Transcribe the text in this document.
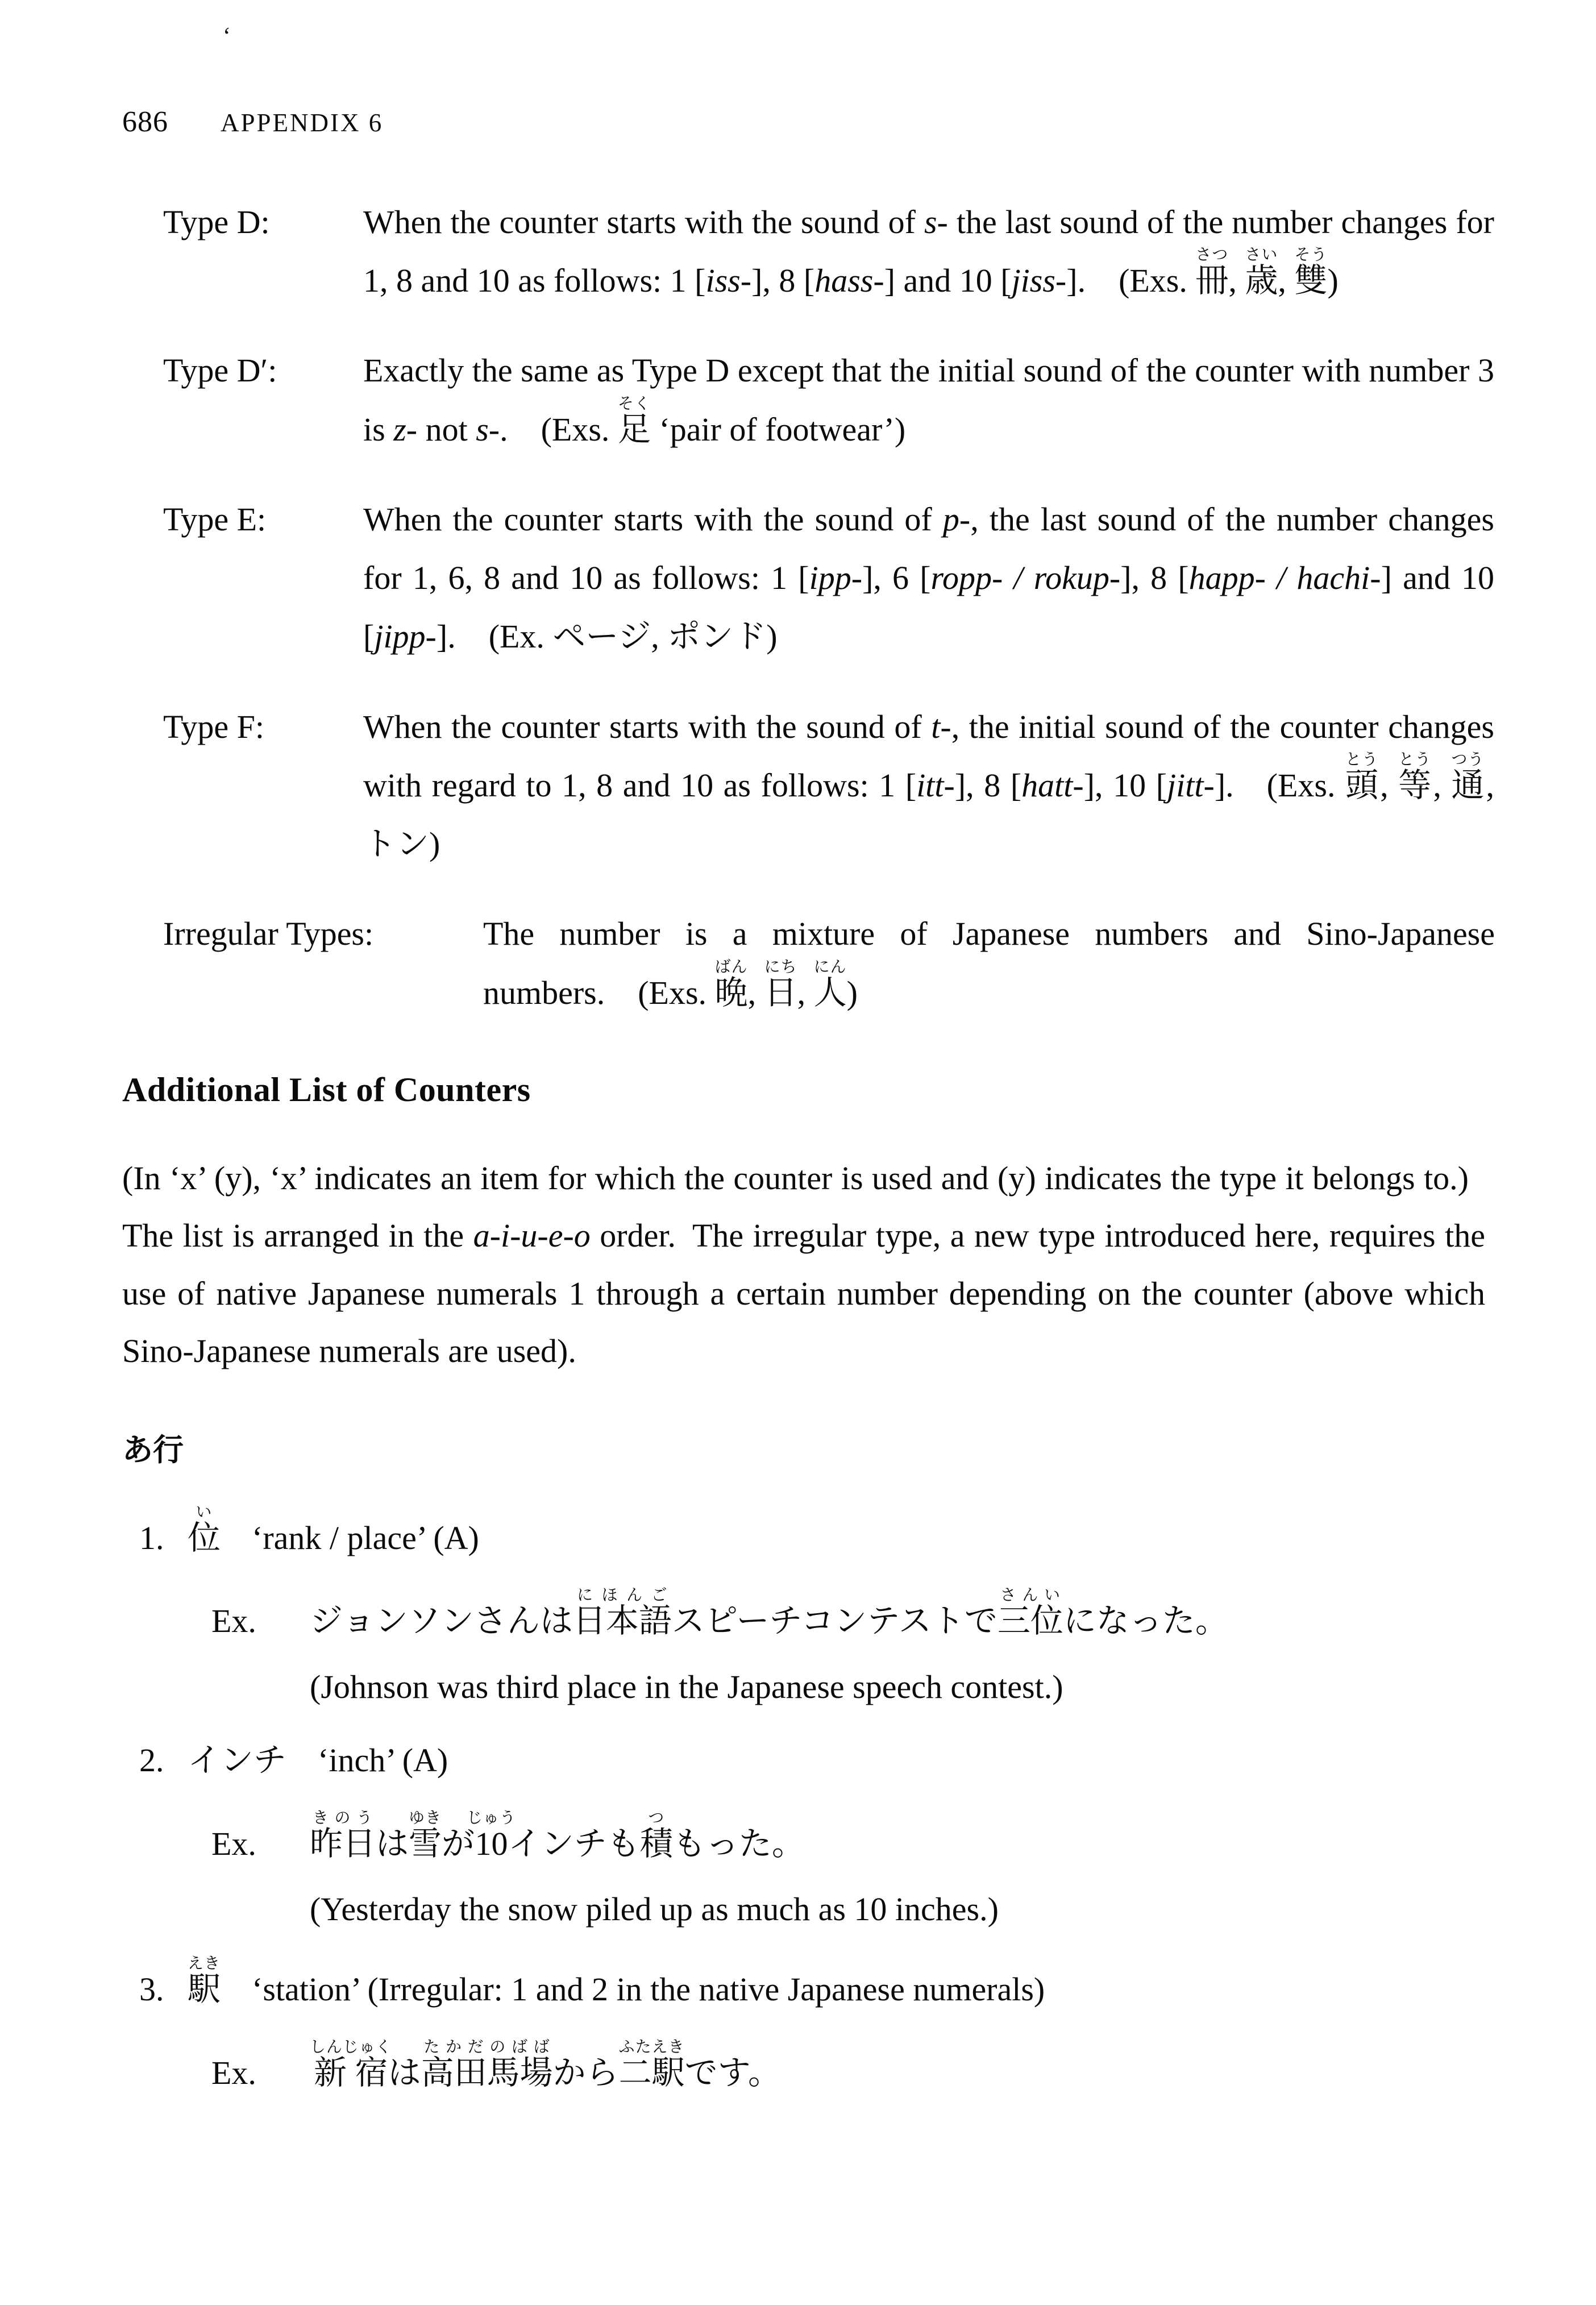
‘
686 APPENDIX 6
Type D:	When the counter starts with the sound of s- the last sound of the number changes for 1, 8 and 10 as follows: 1 [iss-], 8 [hass-] and 10 [jiss-].  (Exs. 冊さつ, 歳さい, 雙そう)
Type D′:	Exactly the same as Type D except that the initial sound of the counter with number 3 is z- not s-.  (Exs. 足そく ‘pair of footwear’)
Type E:	When the counter starts with the sound of p-, the last sound of the number changes for 1, 6, 8 and 10 as follows: 1 [ipp-], 6 [ropp- / rokup-], 8 [happ- / hachi-] and 10 [jipp-].  (Ex. ページ, ポンド)
Type F:	When the counter starts with the sound of t-, the initial sound of the counter changes with regard to 1, 8 and 10 as follows: 1 [itt-], 8 [hatt-], 10 [jitt-].  (Exs. 頭とう, 等とう, 通つう, トン)
Irregular Types:	The number is a mixture of Japanese numbers and Sino-Japanese numbers.  (Exs. 晩ばん, 日にち, 人にん)
Additional List of Counters

(In ‘x’ (y), ‘x’ indicates an item for which the counter is used and (y) indicates the type it belongs to.) The list is arranged in the a-i-u-e-o order. The irregular type, a new type introduced here, requires the use of native Japanese numerals 1 through a certain number depending on the counter (above which Sino-Japanese numerals are used).

あ行
1. 位い
‘rank / place’ (A)
Ex.	ジョンソンさんは日本語にほんごスピーチコンテストで三位さんいになった。
(Johnson was third place in the Japanese speech contest.)
2. インチ ‘inch’ (A)
Ex.	昨日きのうは雪ゆきが10じゅうインチも積つもった。
(Yesterday the snow piled up as much as 10 inches.)
3. 駅えき
‘station’ (Irregular: 1 and 2 in the native Japanese numerals)
Ex.	新宿しんじゅくは高田馬場たかだのばばから二駅ふたえきです。
